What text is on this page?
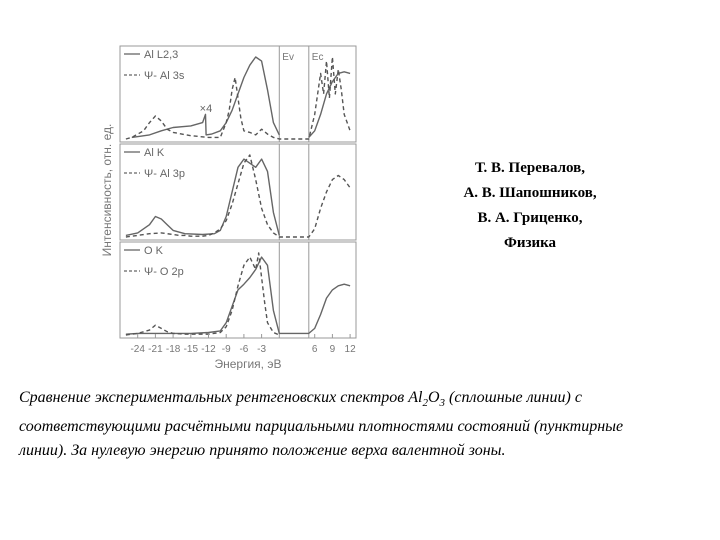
Интенсивность, отн. ед.
Al L2,3
Ψ- Al 3s
Al K
Ψ- Al 3p
O K
Ψ- O 2p
Ev Ec
×4
-24 -21 -18 -15 -12 -9 -6 -3	6 9 12
Энергия, эВ
Т. В. Перевалов,
А. В. Шапошников,
В. А. Гриценко,
Физика
Сравнение экспериментальных рентгеновских спектров $Al_2O_3$ (сплошные линии) с соответствующими расчётными парциальными плотностями состояний (пунктирные линии). За нулевую энергию принято положение верха валентной зоны.
